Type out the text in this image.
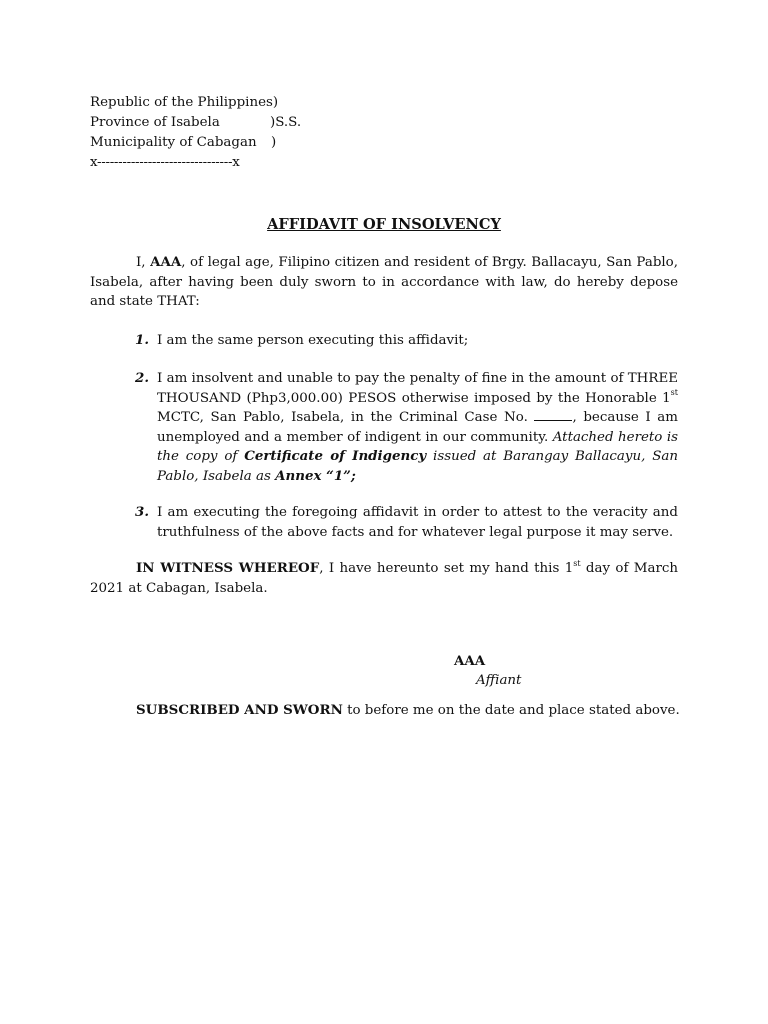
Republic of the Philippines)
Province of Isabela	)S.S.
Municipality of Cabagan )
x--------------------------------x
AFFIDAVIT OF INSOLVENCY

I, AAA, of legal age, Filipino citizen and resident of Brgy. Ballacayu, San Pablo, Isabela, after having been duly sworn to in accordance with law, do hereby depose and state THAT:

1. I am the same person executing this affidavit;
2. I am insolvent and unable to pay the penalty of fine in the amount of THREE THOUSAND (Php3,000.00) PESOS otherwise imposed by the Honorable 1st MCTC, San Pablo, Isabela, in the Criminal Case No.	, because I am unemployed and a member of indigent in our community. Attached hereto is the copy of Certificate of Indigency issued at Barangay Ballacayu, San Pablo, Isabela as Annex “1”;
3. I am executing the foregoing affidavit in order to attest to the veracity and truthfulness of the above facts and for whatever legal purpose it may serve.

IN WITNESS WHEREOF, I have hereunto set my hand this 1st day of March 2021 at Cabagan, Isabela.

AAA
Affiant
SUBSCRIBED AND SWORN to before me on the date and place stated above.
